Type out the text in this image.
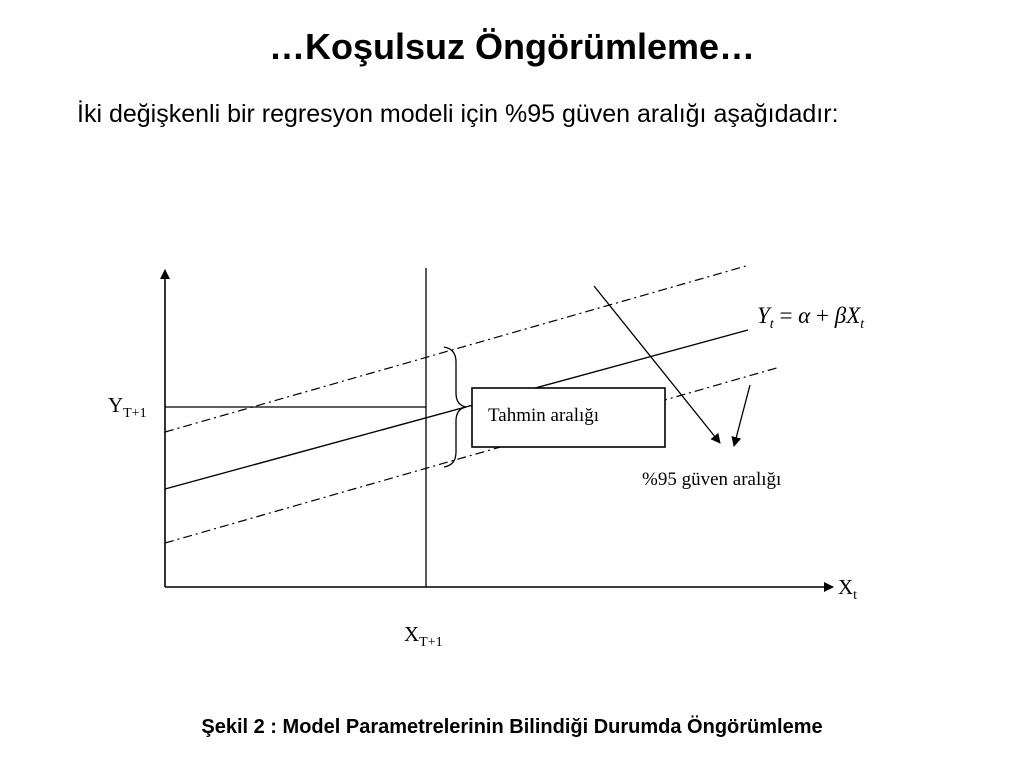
…Koşulsuz Öngörümleme…

İki değişkenli bir regresyon modeli için %95 güven aralığı aşağıdadır:

Tahmin aralığı
%95 güven aralığı
$Y_t = \alpha + \beta X_t$
$Y_{T+1}$
$X_{T+1}$
$X_t$

Şekil 2 : Model Parametrelerinin Bilindiği Durumda Öngörümleme
